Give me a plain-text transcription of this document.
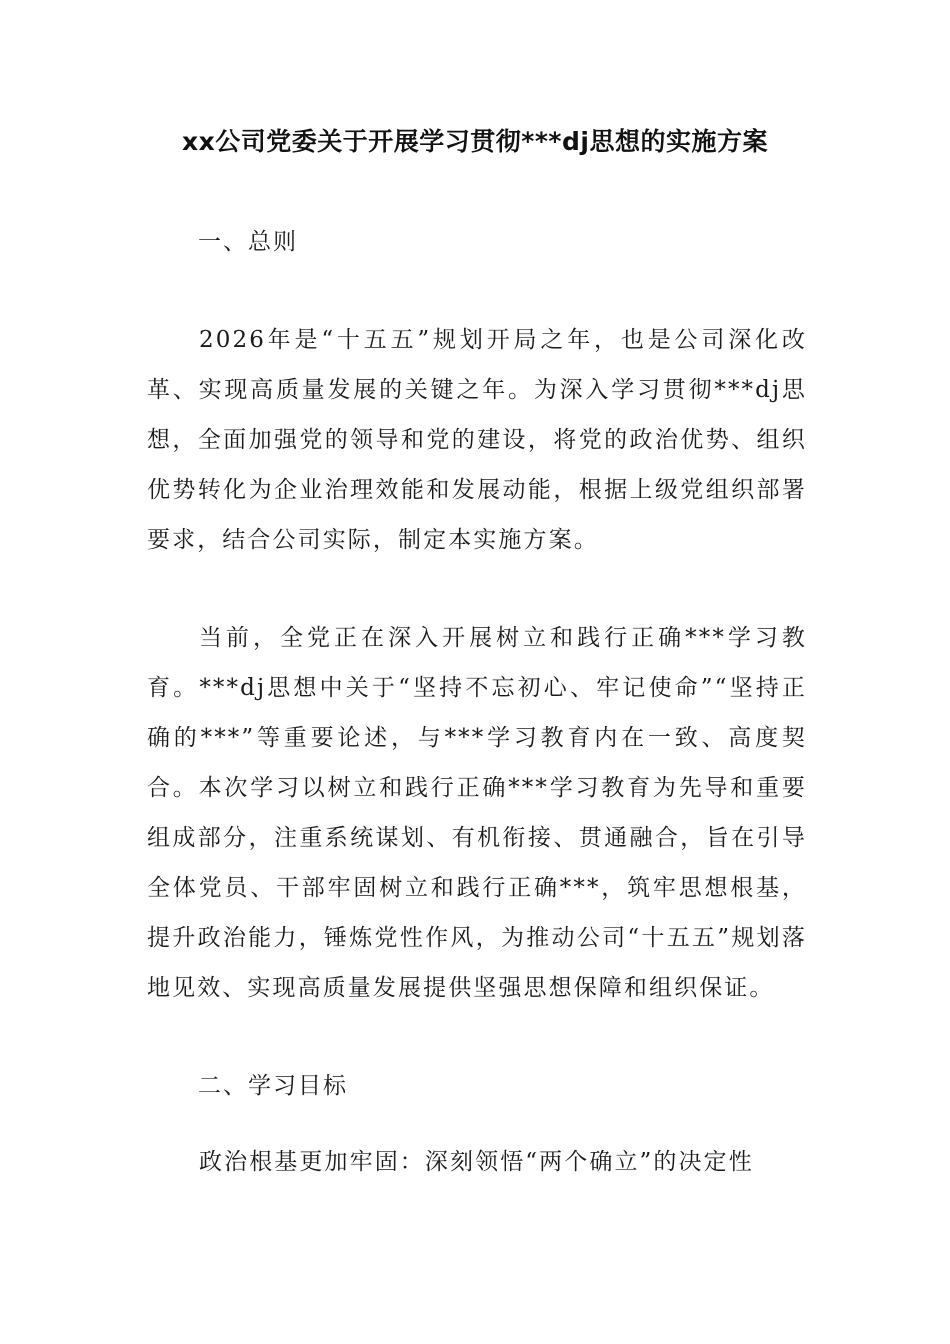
xx公司党委关于开展学习贯彻***dj思想的实施方案
一、总则
2026年是“十五五”规划开局之年，也是公司深化改革、实现高质量发展的关键之年。为深入学习贯彻***dj思想，全面加强党的领导和党的建设，将党的政治优势、组织优势转化为企业治理效能和发展动能，根据上级党组织部署要求，结合公司实际，制定本实施方案。
当前，全党正在深入开展树立和践行正确***学习教育。***dj思想中关于“坚持不忘初心、牢记使命”“坚持正确的***”等重要论述，与***学习教育内在一致、高度契合。本次学习以树立和践行正确***学习教育为先导和重要组成部分，注重系统谋划、有机衔接、贯通融合，旨在引导全体党员、干部牢固树立和践行正确***，筑牢思想根基，提升政治能力，锤炼党性作风，为推动公司“十五五”规划落地见效、实现高质量发展提供坚强思想保障和组织保证。
二、学习目标
政治根基更加牢固：深刻领悟“两个确立”的决定性
